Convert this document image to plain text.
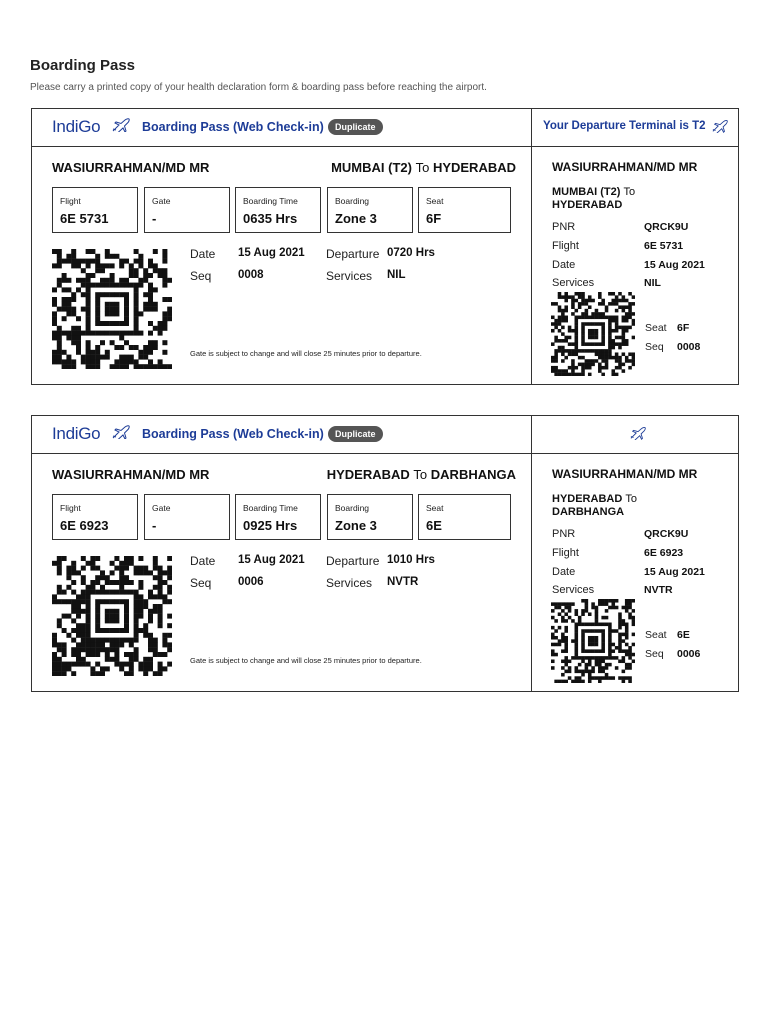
Boarding Pass
Please carry a printed copy of your health declaration form & boarding pass before reaching the airport.
IndiGo	Boarding Pass (Web Check-in)	Duplicate	Your Departure Terminal is T2
WASIURRAHMAN/MD MR	MUMBAI (T2) To HYDERABAD
Flight
6E 5731
Gate
-
Boarding Time
0635 Hrs
Boarding
Zone 3
Seat
6F
Date 15 Aug 2021 Departure 0720 Hrs
Seq 0008	Services NIL
Gate is subject to change and will close 25 minutes prior to departure.
WASIURRAHMAN/MD MR
MUMBAI (T2) To
HYDERABAD
PNR	QRCK9U
Flight	6E 5731
Date	15 Aug 2021
Services	NIL
Seat 6F
Seq 0008
IndiGo	Boarding Pass (Web Check-in)	Duplicate
WASIURRAHMAN/MD MR	HYDERABAD To DARBHANGA
Flight
6E 6923
Gate
-
Boarding Time
0925 Hrs
Boarding
Zone 3
Seat
6E
Date 15 Aug 2021 Departure 1010 Hrs
Seq 0006	Services NVTR
Gate is subject to change and will close 25 minutes prior to departure.
WASIURRAHMAN/MD MR
HYDERABAD To
DARBHANGA
PNR	QRCK9U
Flight	6E 6923
Date	15 Aug 2021
Services	NVTR
Seat 6E
Seq 0006
